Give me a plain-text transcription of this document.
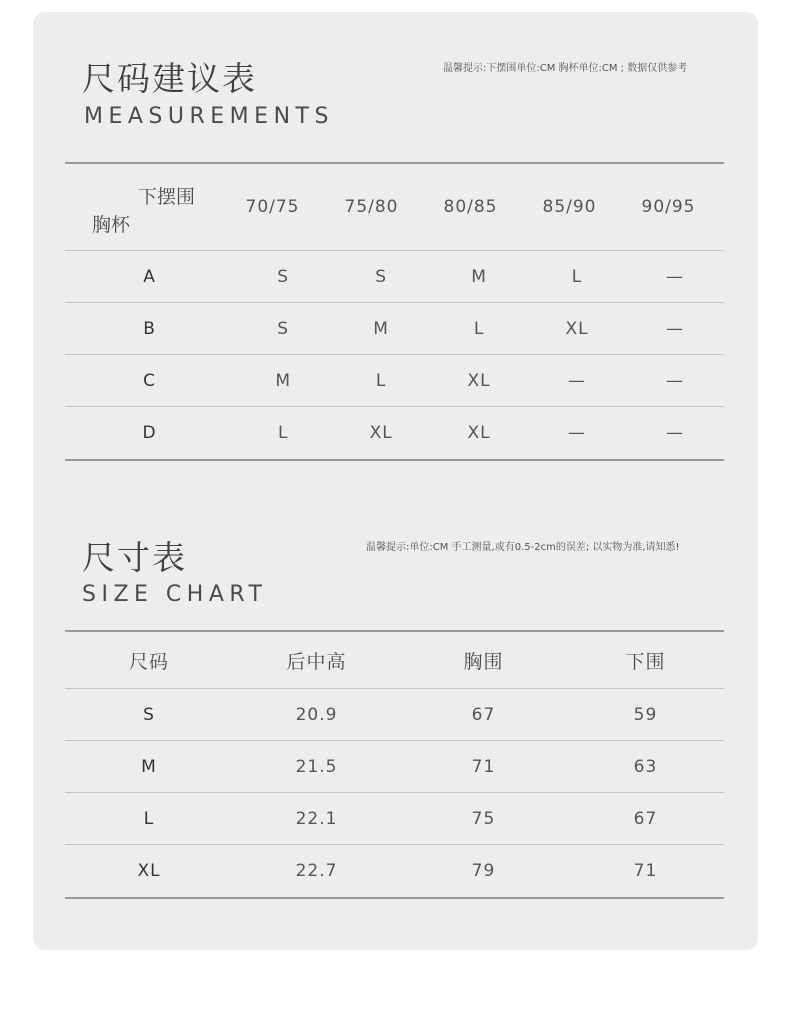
尺码建议表
MEASUREMENTS
温馨提示:下摆围单位:CM 胸杯单位:CM ; 数据仅供参考
下摆围
胸杯
70/75	75/80	80/85	85/90	90/95
A	S	S	M	L	—
B	S	M	L	XL	—
C	M	L	XL	—	—
D	L	XL	XL	—	—
尺寸表
SIZE CHART
温馨提示:单位:CM 手工测量,或有0.5-2cm的误差; 以实物为准,请知悉!
尺码	后中高	胸围	下围
S	20.9	67	59
M	21.5	71	63
L	22.1	75	67
XL	22.7	79	71
